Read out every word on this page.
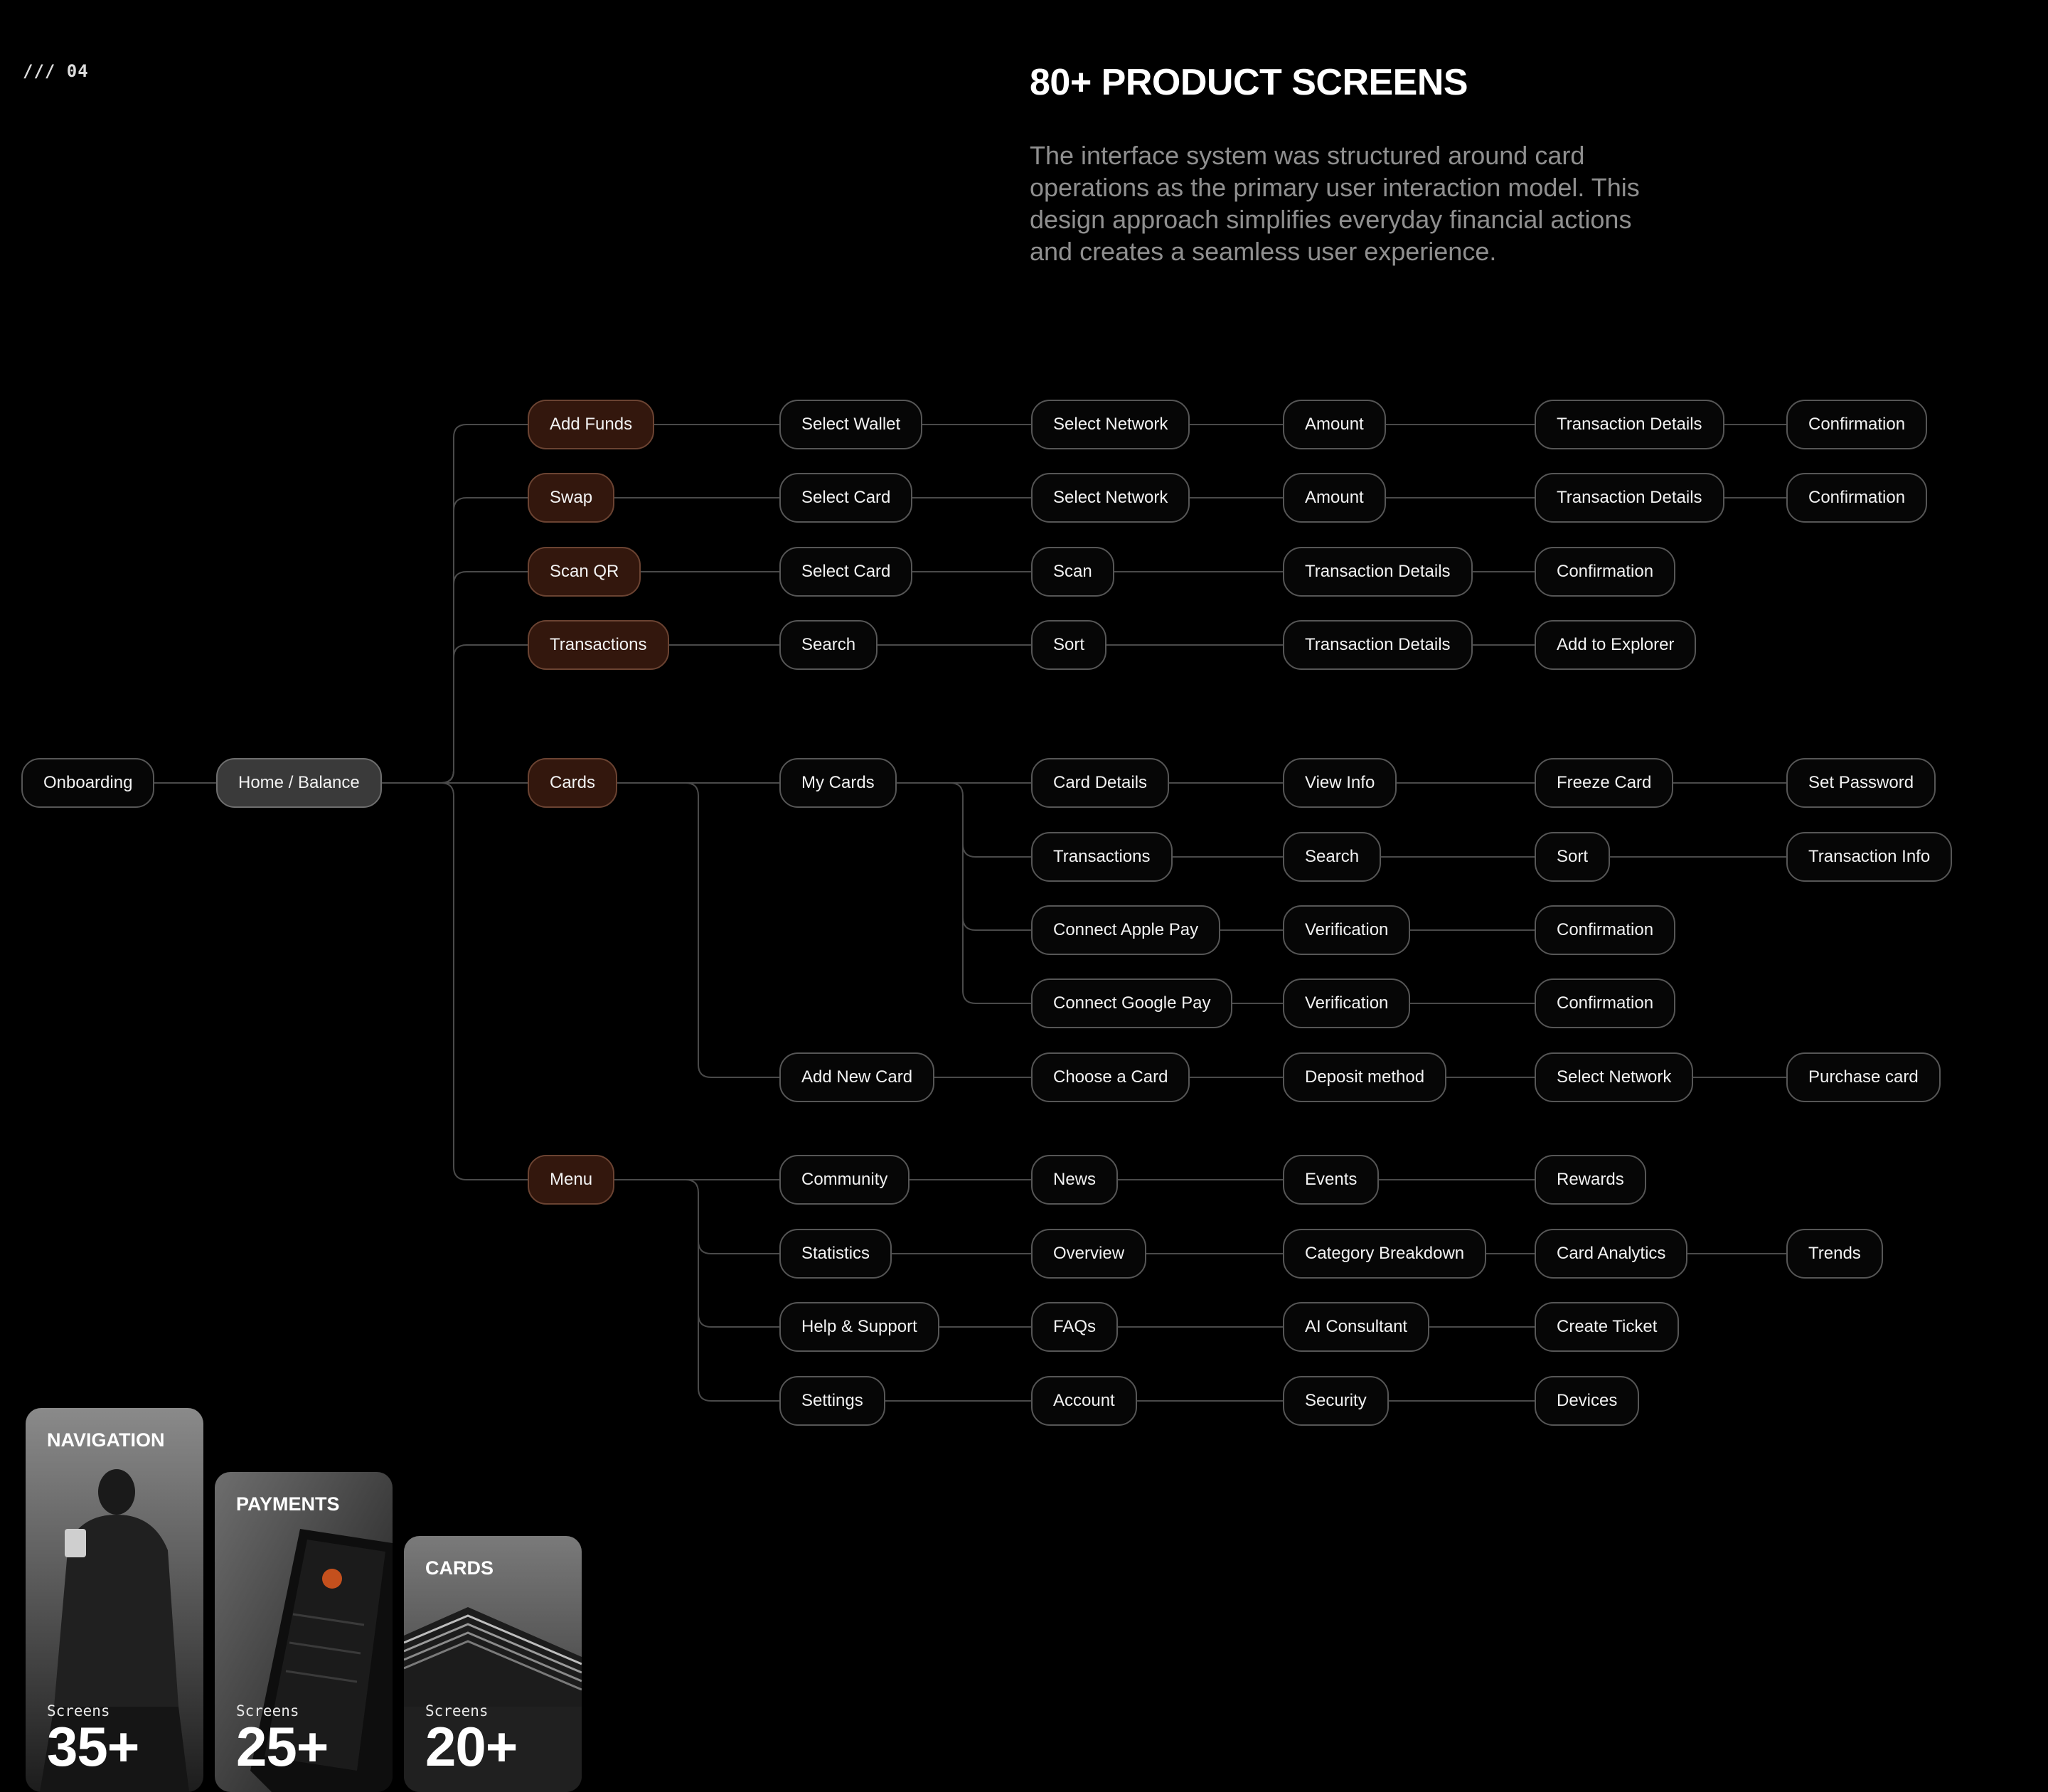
/// 04	80+ PRODUCT SCREENS

The interface system was structured around card operations as the primary user interaction model. This design approach simplifies everyday financial actions and creates a seamless user experience.

Onboarding	Home / Balance
Add Funds	Select Wallet	Select Network	Amount	Transaction Details	Confirmation
Swap	Select Card	Select Network	Amount	Transaction Details	Confirmation
Scan QR	Select Card	Scan	Transaction Details	Confirmation
Transactions	Search	Sort	Transaction Details	Add to Explorer
Cards	My Cards	Card Details	View Info	Freeze Card	Set Password
Transactions	Search	Sort	Transaction Info
Connect Apple Pay	Verification	Confirmation
Connect Google Pay	Verification	Confirmation
Add New Card	Choose a Card	Deposit method	Select Network	Purchase card
Menu	Community	News	Events	Rewards
Statistics	Overview	Category Breakdown	Card Analytics	Trends
Help & Support	FAQs	AI Consultant	Create Ticket
Settings	Account	Security	Devices
NAVIGATION
Screens
35+
PAYMENTS
Screens
25+
CARDS
Screens
20+
